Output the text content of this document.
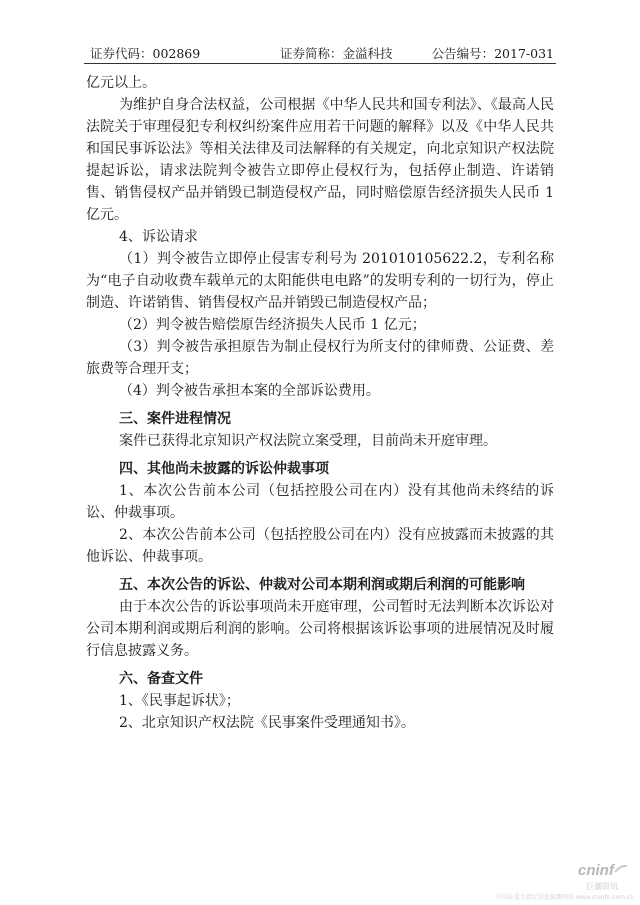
证券代码：002869	证券简称：金溢科技	公告编号：2017-031

亿元以上。

为维护自身合法权益，公司根据《中华人民共和国专利法》、《最高人民法院关于审理侵犯专利权纠纷案件应用若干问题的解释》以及《中华人民共和国民事诉讼法》等相关法律及司法解释的有关规定，向北京知识产权法院提起诉讼，请求法院判令被告立即停止侵权行为，包括停止制造、许诺销售、销售侵权产品并销毁已制造侵权产品，同时赔偿原告经济损失人民币 1 亿元。

4、诉讼请求

（1）判令被告立即停止侵害专利号为 201010105622.2，专利名称为“电子自动收费车载单元的太阳能供电电路”的发明专利的一切行为，停止制造、许诺销售、销售侵权产品并销毁已制造侵权产品；

（2）判令被告赔偿原告经济损失人民币 1 亿元；

（3）判令被告承担原告为制止侵权行为所支付的律师费、公证费、差旅费等合理开支；

（4）判令被告承担本案的全部诉讼费用。

三、案件进程情况

案件已获得北京知识产权法院立案受理，目前尚未开庭审理。

四、其他尚未披露的诉讼仲裁事项

1、本次公告前本公司（包括控股公司在内）没有其他尚未终结的诉讼、仲裁事项。

2、本次公告前本公司（包括控股公司在内）没有应披露而未披露的其他诉讼、仲裁事项。

五、本次公告的诉讼、仲裁对公司本期利润或期后利润的可能影响

由于本次公告的诉讼事项尚未开庭审理，公司暂时无法判断本次诉讼对公司本期利润或期后利润的影响。公司将根据该诉讼事项的进展情况及时履行信息披露义务。

六、备查文件

1、《民事起诉状》；

2、北京知识产权法院《民事案件受理通知书》。

cninf
巨潮资讯
中国证监会指定信息披露网站 www.cninfo.com.cn
